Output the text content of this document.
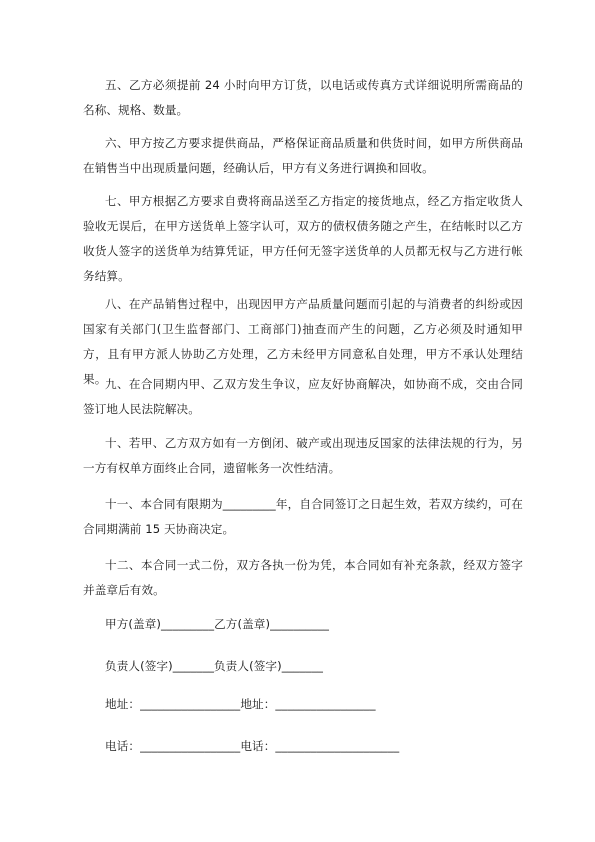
五、乙方必须提前 24 小时向甲方订货，以电话或传真方式详细说明所需商品的名称、规格、数量。

六、甲方按乙方要求提供商品，严格保证商品质量和供货时间，如甲方所供商品在销售当中出现质量问题，经确认后，甲方有义务进行调换和回收。

七、甲方根据乙方要求自费将商品送至乙方指定的接货地点，经乙方指定收货人验收无误后，在甲方送货单上签字认可，双方的债权债务随之产生，在结帐时以乙方收货人签字的送货单为结算凭证，甲方任何无签字送货单的人员都无权与乙方进行帐务结算。

八、在产品销售过程中，出现因甲方产品质量问题而引起的与消费者的纠纷或因国家有关部门(卫生监督部门、工商部门)抽查而产生的问题，乙方必须及时通知甲方，且有甲方派人协助乙方处理，乙方未经甲方同意私自处理，甲方不承认处理结果。

九、在合同期内甲、乙双方发生争议，应友好协商解决，如协商不成，交由合同签订地人民法院解决。

十、若甲、乙方双方如有一方倒闭、破产或出现违反国家的法律法规的行为，另一方有权单方面终止合同，遗留帐务一次性结清。

十一、本合同有限期为_________年，自合同签订之日起生效，若双方续约，可在合同期满前 15 天协商决定。

十二、本合同一式二份，双方各执一份为凭，本合同如有补充条款，经双方签字并盖章后有效。

甲方(盖章)_________乙方(盖章)__________

负责人(签字)_______负责人(签字)_______

地址：_________________地址：_________________

电话：_________________电话：_____________________
